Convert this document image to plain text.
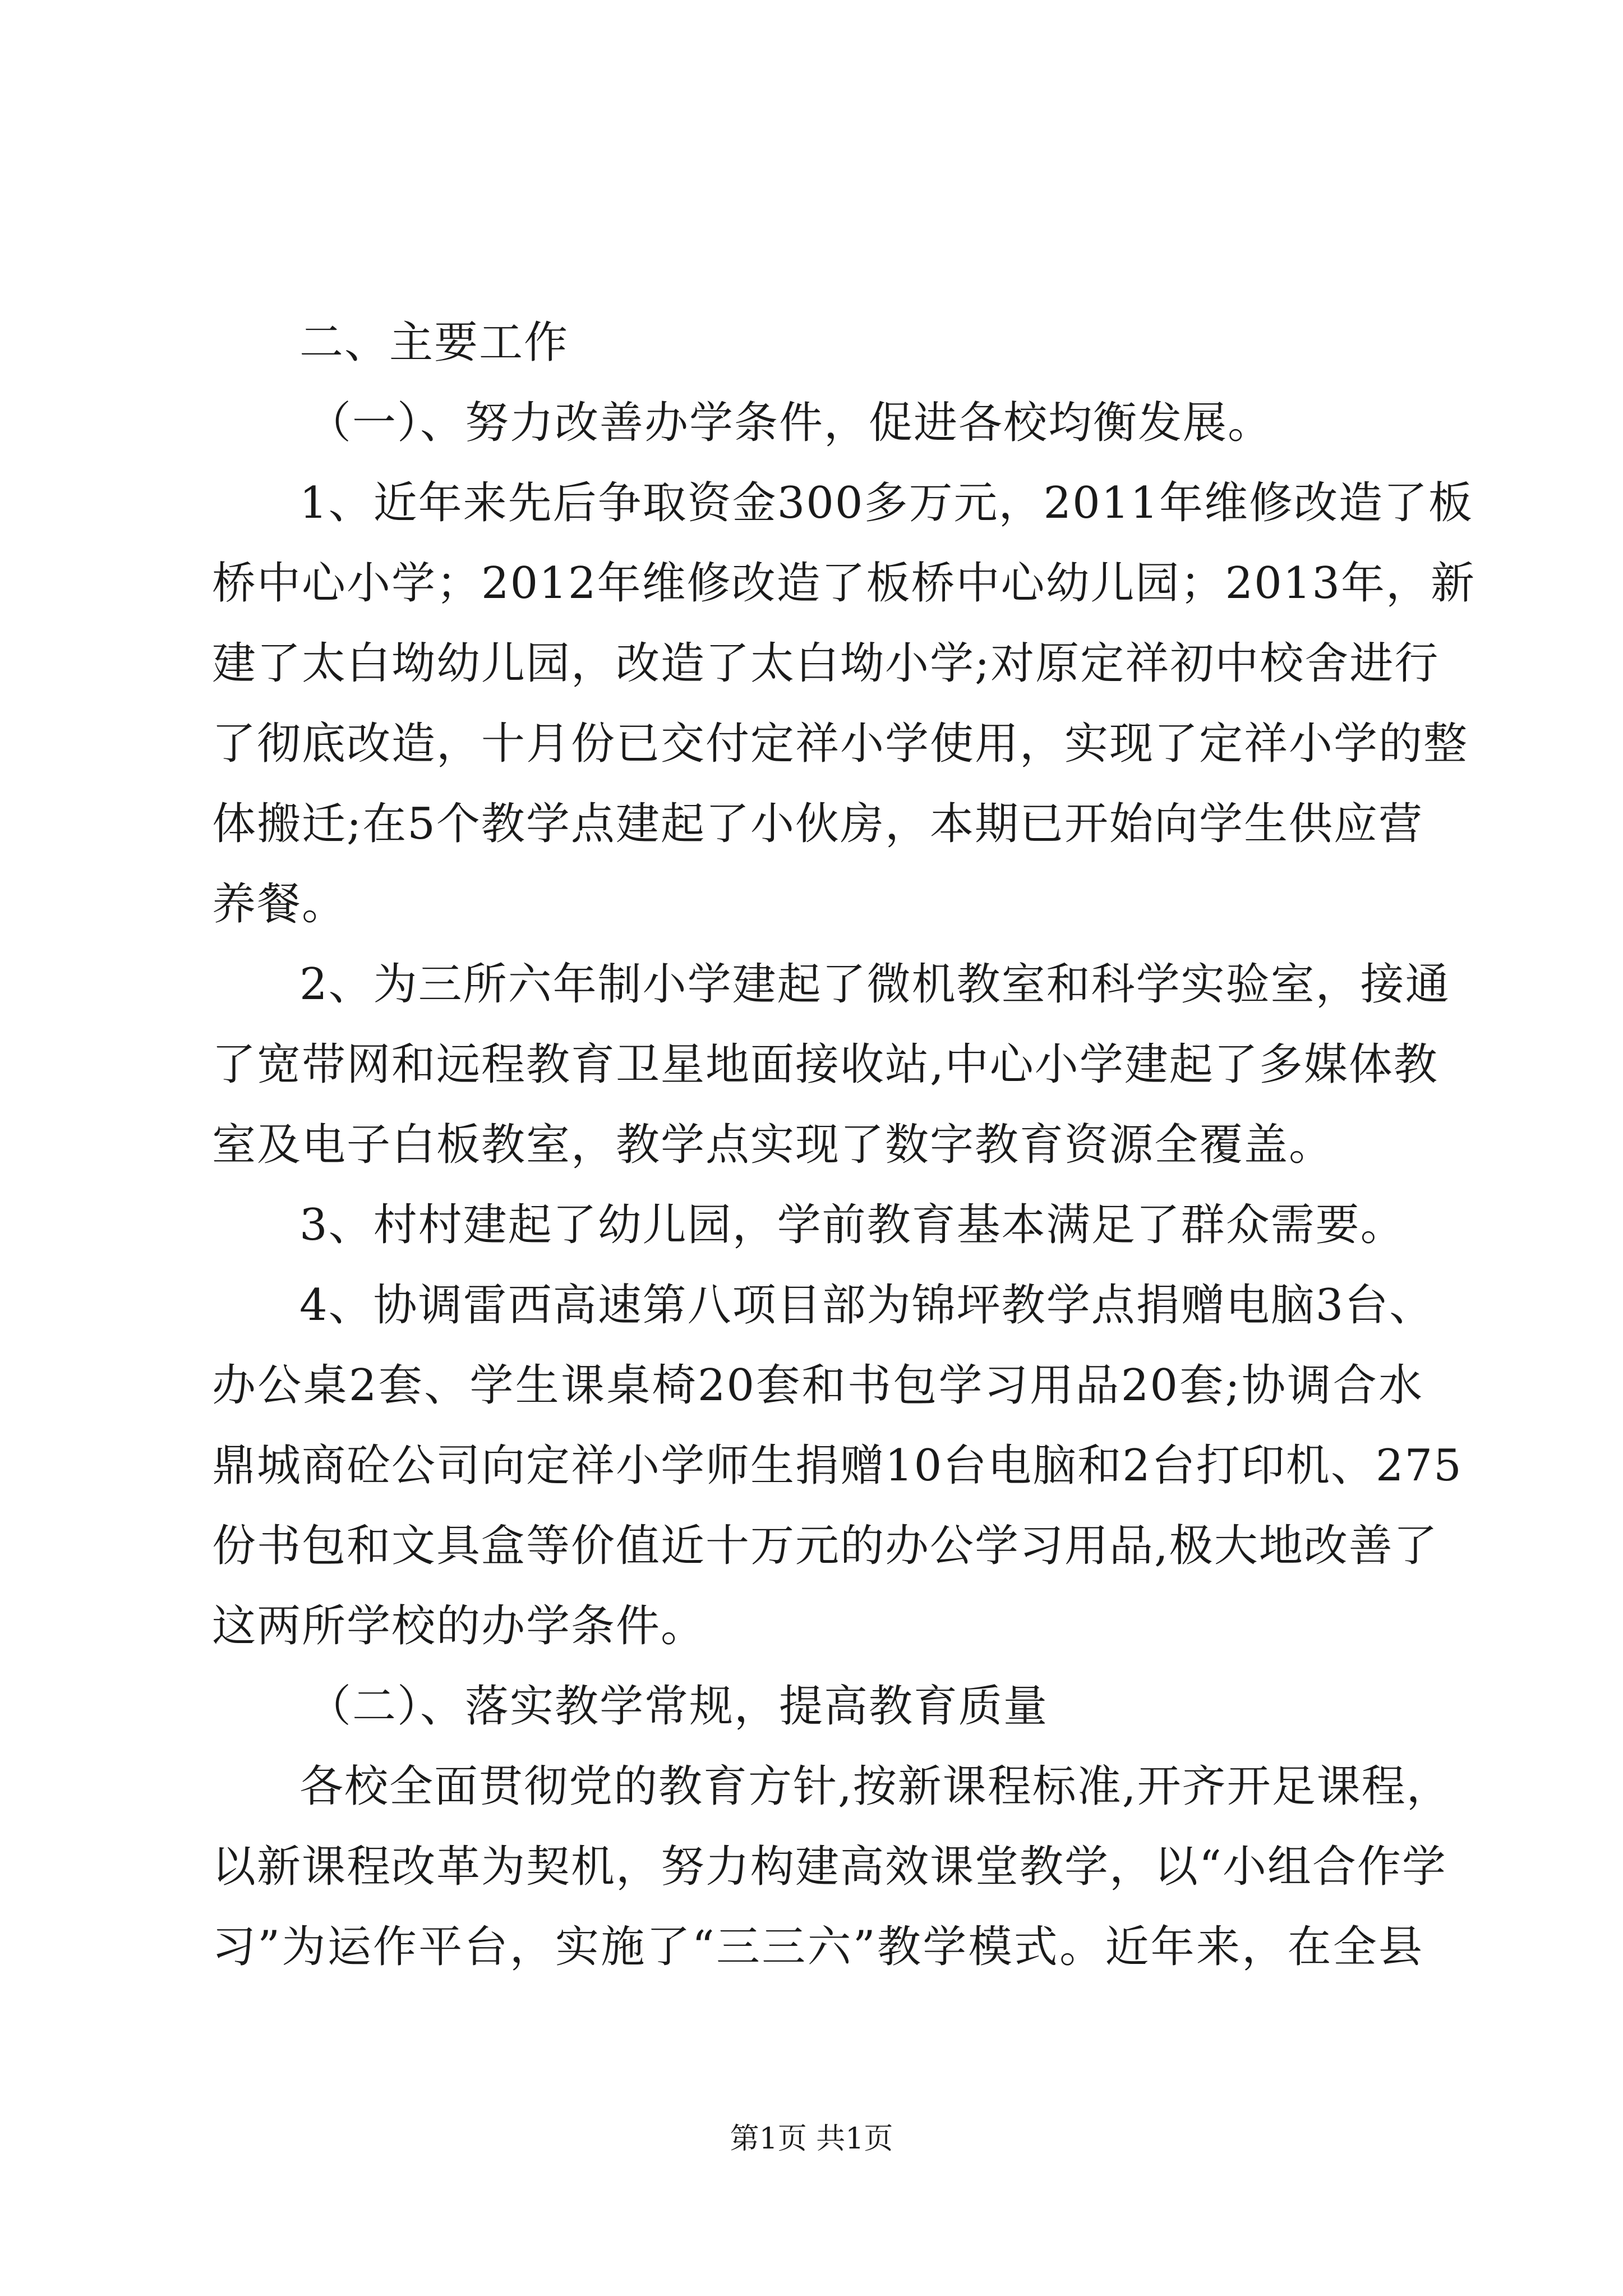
二、主要工作
（一）、努力改善办学条件，促进各校均衡发展。
1、近年来先后争取资金300多万元，2011年维修改造了板
桥中心小学；2012年维修改造了板桥中心幼儿园；2013年，新
建了太白坳幼儿园，改造了太白坳小学;对原定祥初中校舍进行
了彻底改造，十月份已交付定祥小学使用，实现了定祥小学的整
体搬迁;在5个教学点建起了小伙房，本期已开始向学生供应营
养餐。
2、为三所六年制小学建起了微机教室和科学实验室，接通
了宽带网和远程教育卫星地面接收站,中心小学建起了多媒体教
室及电子白板教室，教学点实现了数字教育资源全覆盖。
3、村村建起了幼儿园，学前教育基本满足了群众需要。
4、协调雷西高速第八项目部为锦坪教学点捐赠电脑3台、
办公桌2套、学生课桌椅20套和书包学习用品20套;协调合水
鼎城商砼公司向定祥小学师生捐赠10台电脑和2台打印机、275
份书包和文具盒等价值近十万元的办公学习用品,极大地改善了
这两所学校的办学条件。
（二）、落实教学常规，提高教育质量
各校全面贯彻党的教育方针,按新课程标准,开齐开足课程，
以新课程改革为契机，努力构建高效课堂教学，以“小组合作学
习”为运作平台，实施了“三三六”教学模式。近年来，在全县
第1页 共1页
